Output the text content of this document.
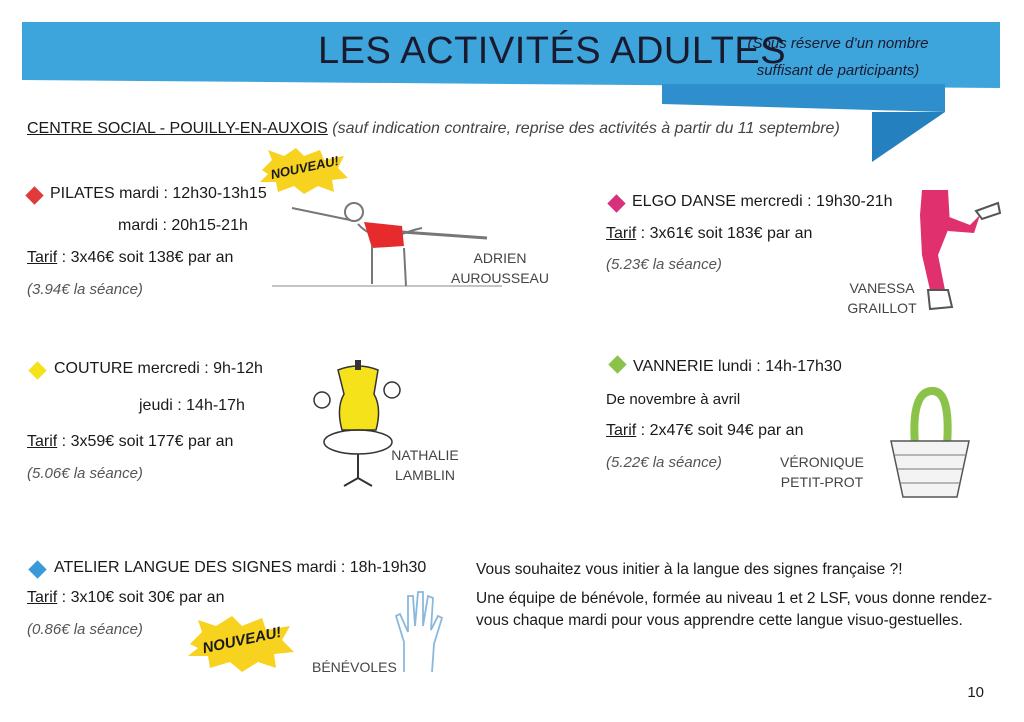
LES ACTIVITÉS ADULTES
(Sous réserve d’un nombre
suffisant de participants)
CENTRE SOCIAL - POUILLY-EN-AUXOIS (sauf indication contraire, reprise des activités à partir du 11 septembre)
PILATES mardi : 12h30-13h15
mardi : 20h15-21h
Tarif : 3x46€ soit 138€ par an
(3.94€ la séance)
NOUVEAU!
ADRIEN
AUROUSSEAU
ELGO DANSE mercredi : 19h30-21h
Tarif : 3x61€ soit 183€ par an
(5.23€ la séance)
VANESSA
GRAILLOT
COUTURE mercredi : 9h-12h
jeudi : 14h-17h
Tarif : 3x59€ soit 177€ par an
(5.06€ la séance)
NATHALIE
LAMBLIN
VANNERIE lundi : 14h-17h30
De novembre à avril
Tarif : 2x47€ soit 94€ par an
(5.22€ la séance)	VÉRONIQUE
PETIT-PROT
ATELIER LANGUE DES SIGNES mardi : 18h-19h30
Tarif : 3x10€ soit 30€ par an
(0.86€ la séance)	NOUVEAU!
BÉNÉVOLES
Vous souhaitez vous initier à la langue des signes française ?!
Une équipe de bénévole, formée au niveau 1 et 2 LSF, vous donne rendez-vous chaque mardi pour vous apprendre cette langue visuo-gestuelles.
10
